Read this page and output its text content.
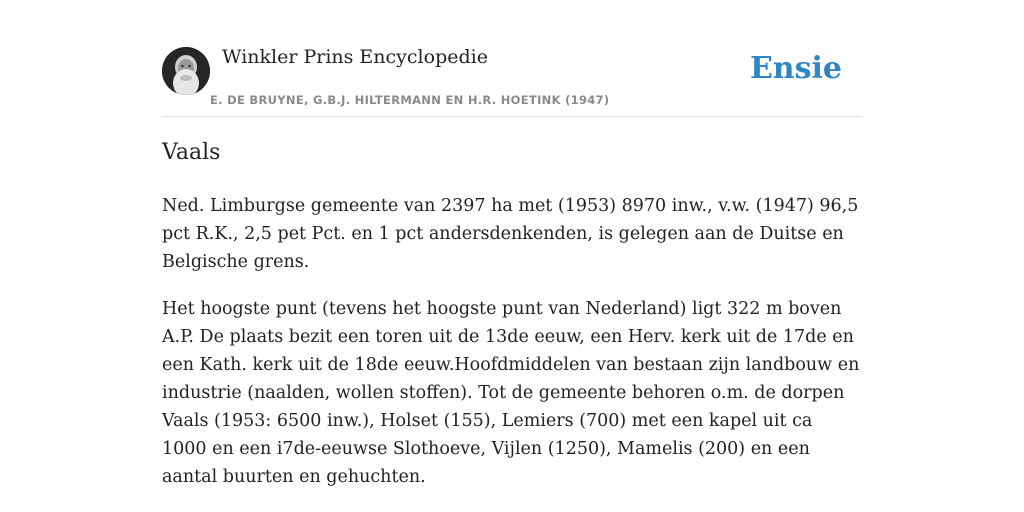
Winkler Prins Encyclopedie
E. DE BRUYNE, G.B.J. HILTERMANN EN H.R. HOETINK (1947)
Ensie
Vaals

Ned. Limburgse gemeente van 2397 ha met (1953) 8970 inw., v.w. (1947) 96,5 pct R.K., 2,5 pet Pct. en 1 pct andersdenkenden, is gelegen aan de Duitse en Belgische grens.

Het hoogste punt (tevens het hoogste punt van Nederland) ligt 322 m boven A.P. De plaats bezit een toren uit de 13de eeuw, een Herv. kerk uit de 17de en een Kath. kerk uit de 18de eeuw.Hoofdmiddelen van bestaan zijn landbouw en industrie (naalden, wollen stoffen). Tot de gemeente behoren o.m. de dorpen Vaals (1953: 6500 inw.), Holset (155), Lemiers (700) met een kapel uit ca 1000 en een i7de-eeuwse Slothoeve, Vijlen (1250), Mamelis (200) en een aantal buurten en gehuchten.
